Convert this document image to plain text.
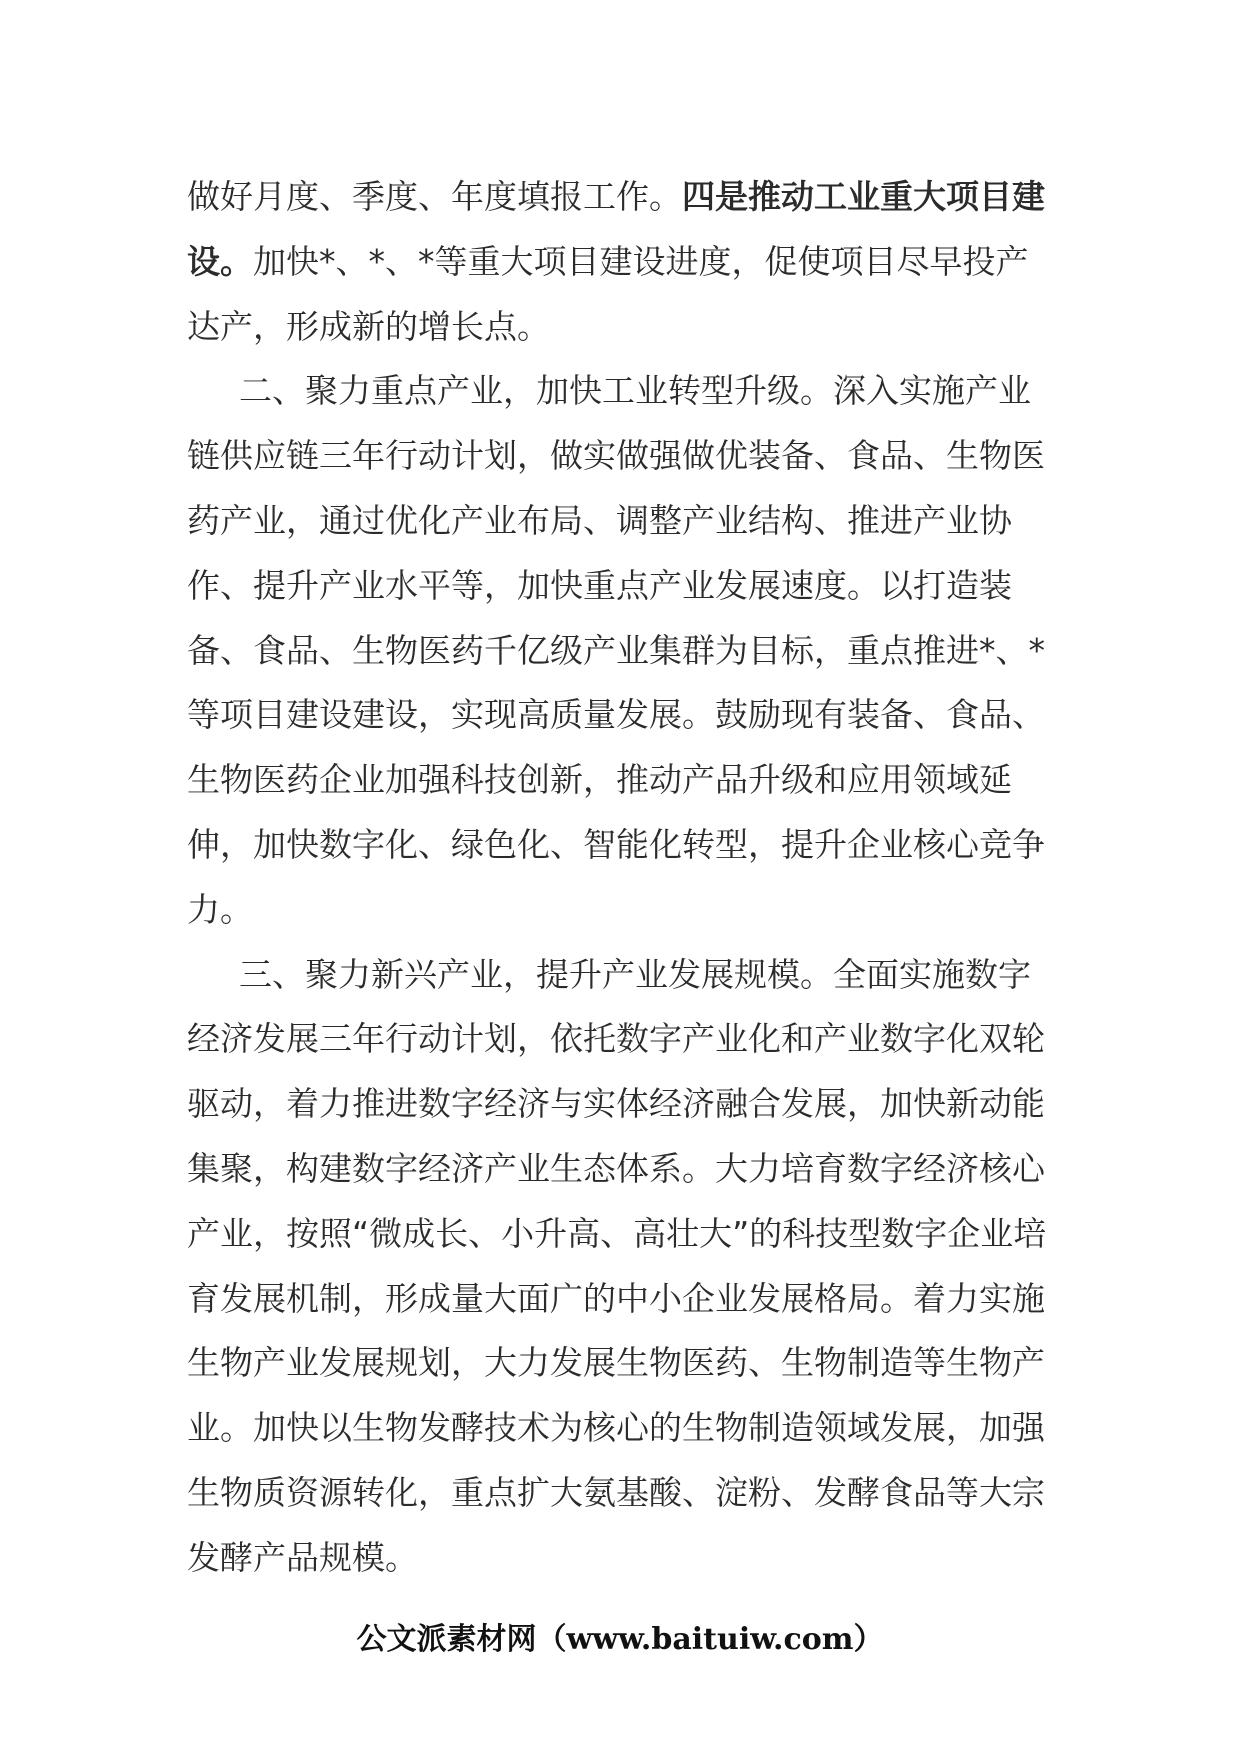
做好月度、季度、年度填报工作。四是推动工业重大项目建设。加快*、*、*等重大项目建设进度，促使项目尽早投产达产，形成新的增长点。

二、聚力重点产业，加快工业转型升级。深入实施产业链供应链三年行动计划，做实做强做优装备、食品、生物医药产业，通过优化产业布局、调整产业结构、推进产业协作、提升产业水平等，加快重点产业发展速度。以打造装备、食品、生物医药千亿级产业集群为目标，重点推进*、*等项目建设建设，实现高质量发展。鼓励现有装备、食品、生物医药企业加强科技创新，推动产品升级和应用领域延伸，加快数字化、绿色化、智能化转型，提升企业核心竞争力。

三、聚力新兴产业，提升产业发展规模。全面实施数字经济发展三年行动计划，依托数字产业化和产业数字化双轮驱动，着力推进数字经济与实体经济融合发展，加快新动能集聚，构建数字经济产业生态体系。大力培育数字经济核心产业，按照“微成长、小升高、高壮大”的科技型数字企业培育发展机制，形成量大面广的中小企业发展格局。着力实施生物产业发展规划，大力发展生物医药、生物制造等生物产业。加快以生物发酵技术为核心的生物制造领域发展，加强生物质资源转化，重点扩大氨基酸、淀粉、发酵食品等大宗发酵产品规模。

公文派素材网（www.baituiw.com）
